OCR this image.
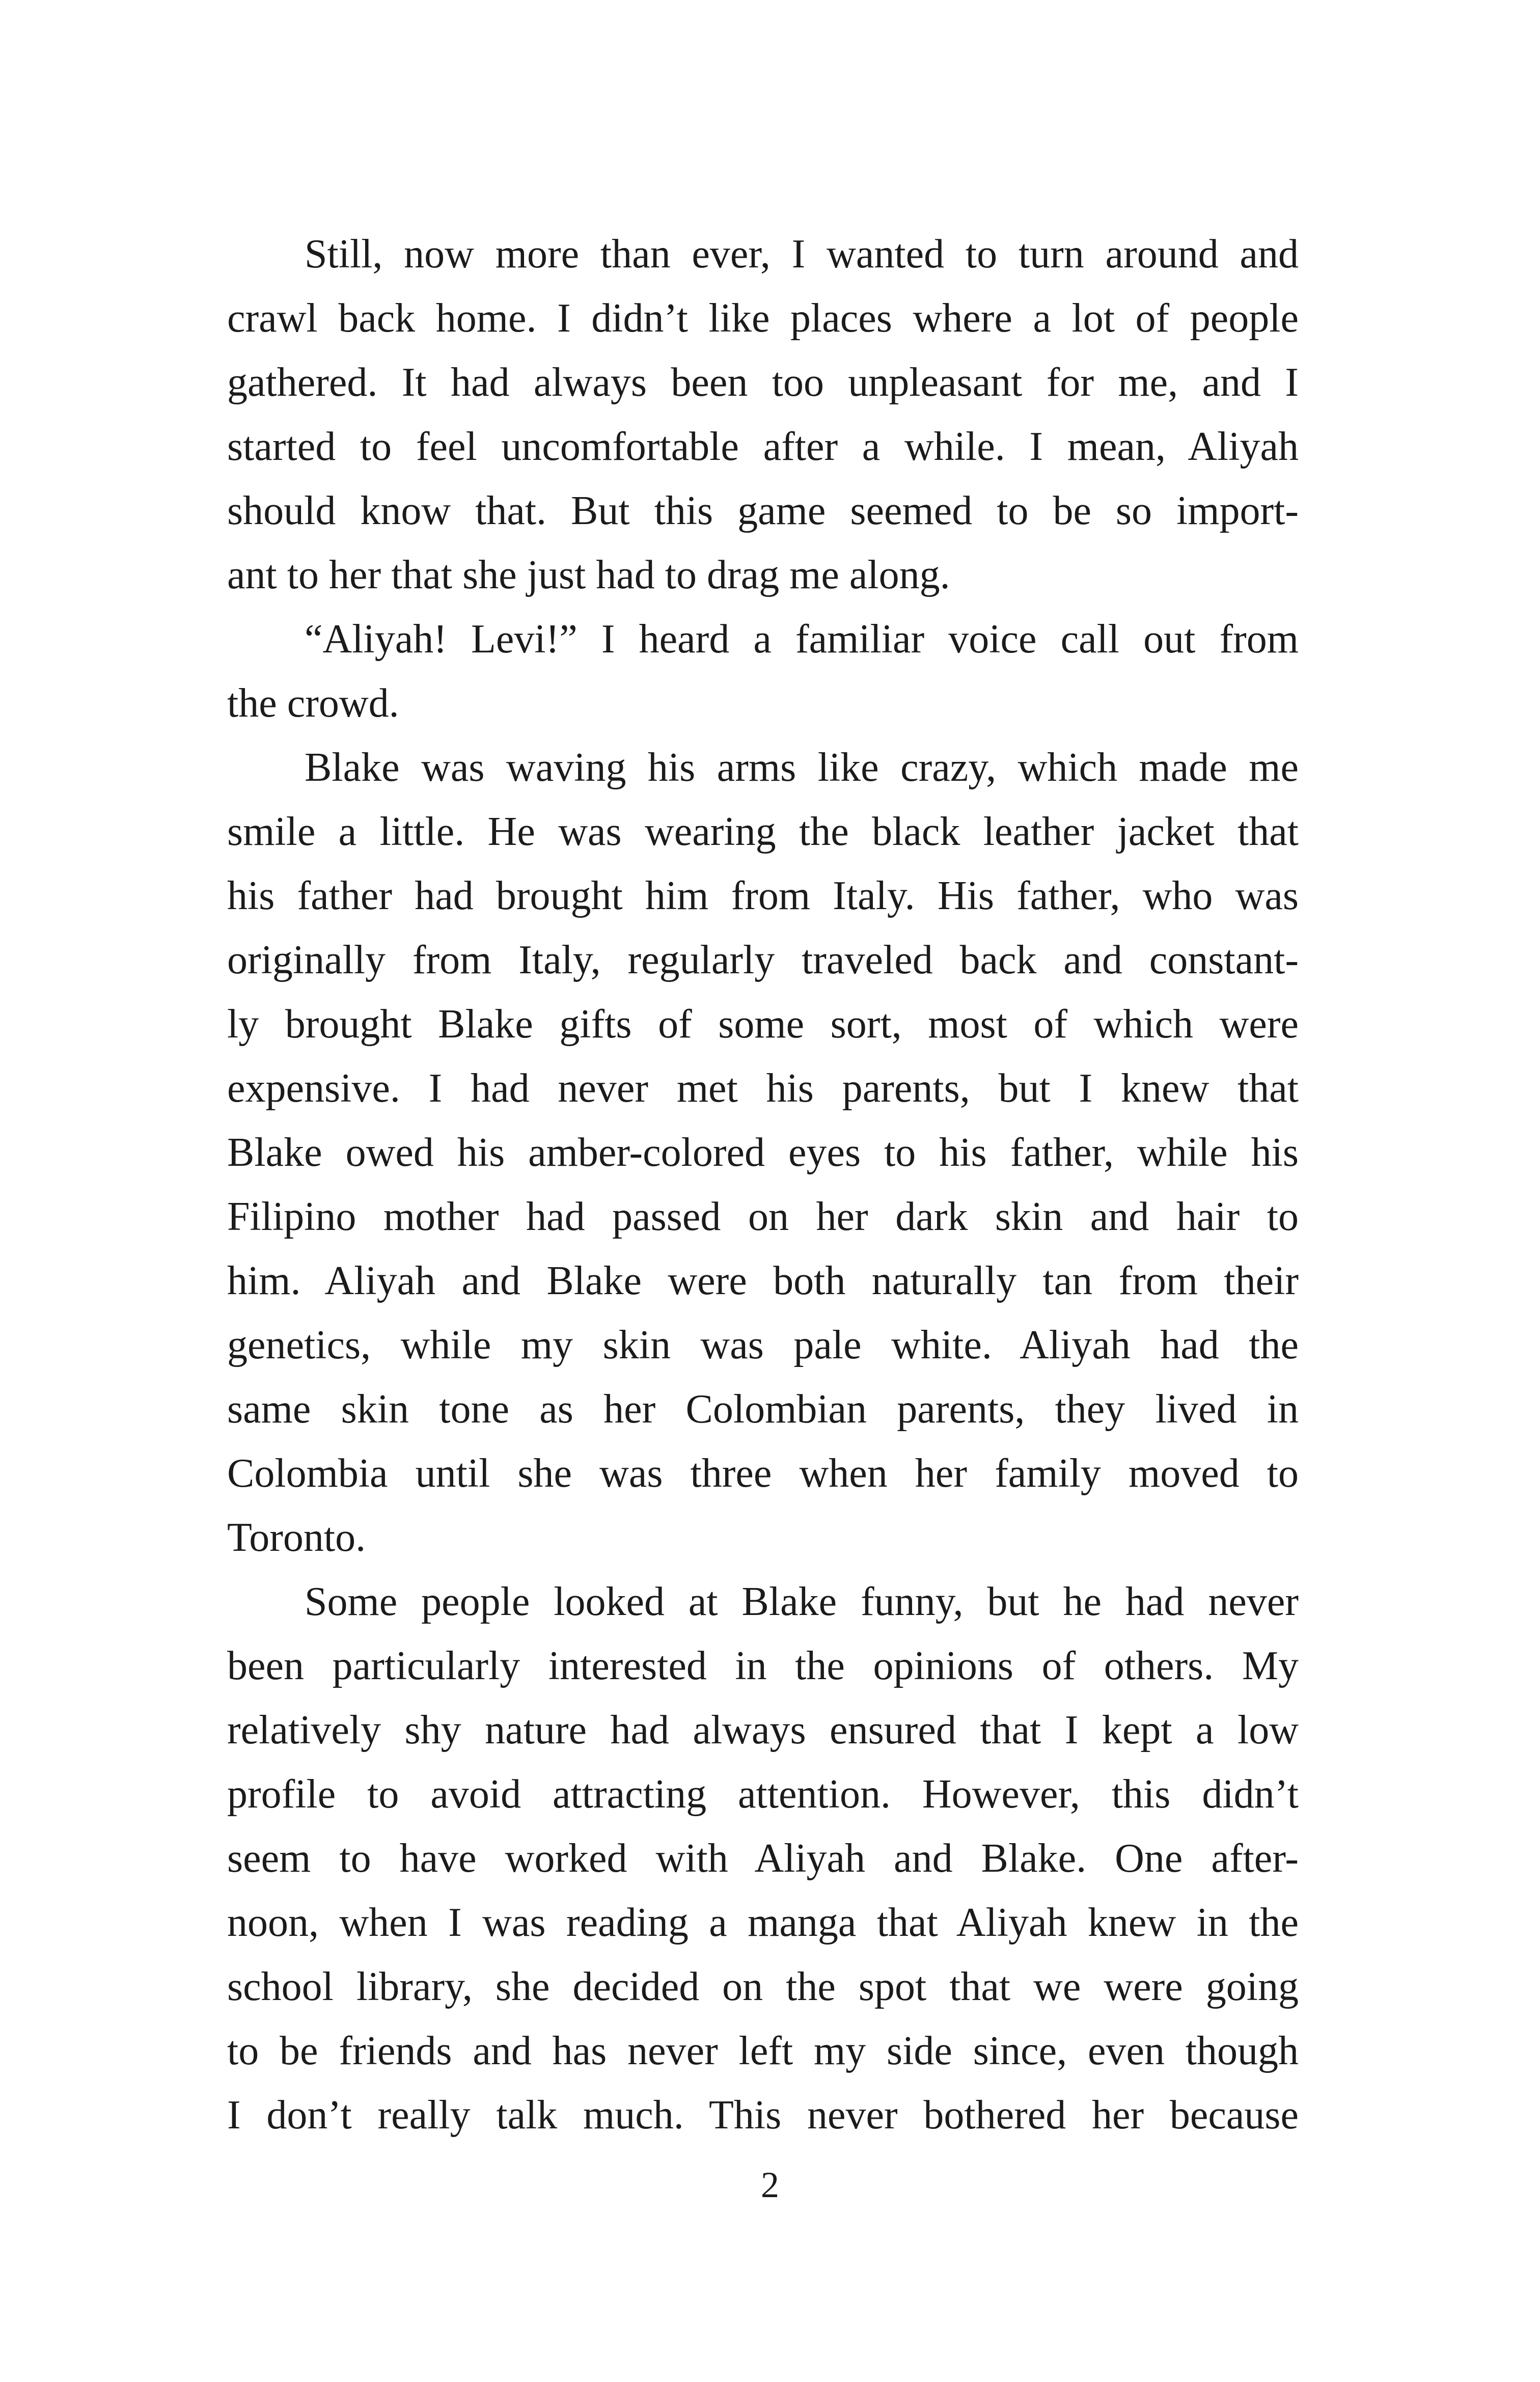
Still, now more than ever, I wanted to turn around and
crawl back home. I didn’t like places where a lot of people
gathered. It had always been too unpleasant for me, and I
started to feel uncomfortable after a while. I mean, Aliyah
should know that. But this game seemed to be so import-
ant to her that she just had to drag me along.
“Aliyah! Levi!” I heard a familiar voice call out from
the crowd.
Blake was waving his arms like crazy, which made me
smile a little. He was wearing the black leather jacket that
his father had brought him from Italy. His father, who was
originally from Italy, regularly traveled back and constant-
ly brought Blake gifts of some sort, most of which were
expensive. I had never met his parents, but I knew that
Blake owed his amber-colored eyes to his father, while his
Filipino mother had passed on her dark skin and hair to
him. Aliyah and Blake were both naturally tan from their
genetics, while my skin was pale white. Aliyah had the
same skin tone as her Colombian parents, they lived in
Colombia until she was three when her family moved to
Toronto.
Some people looked at Blake funny, but he had never
been particularly interested in the opinions of others. My
relatively shy nature had always ensured that I kept a low
profile to avoid attracting attention. However, this didn’t
seem to have worked with Aliyah and Blake. One after-
noon, when I was reading a manga that Aliyah knew in the
school library, she decided on the spot that we were going
to be friends and has never left my side since, even though
I don’t really talk much. This never bothered her because
2
